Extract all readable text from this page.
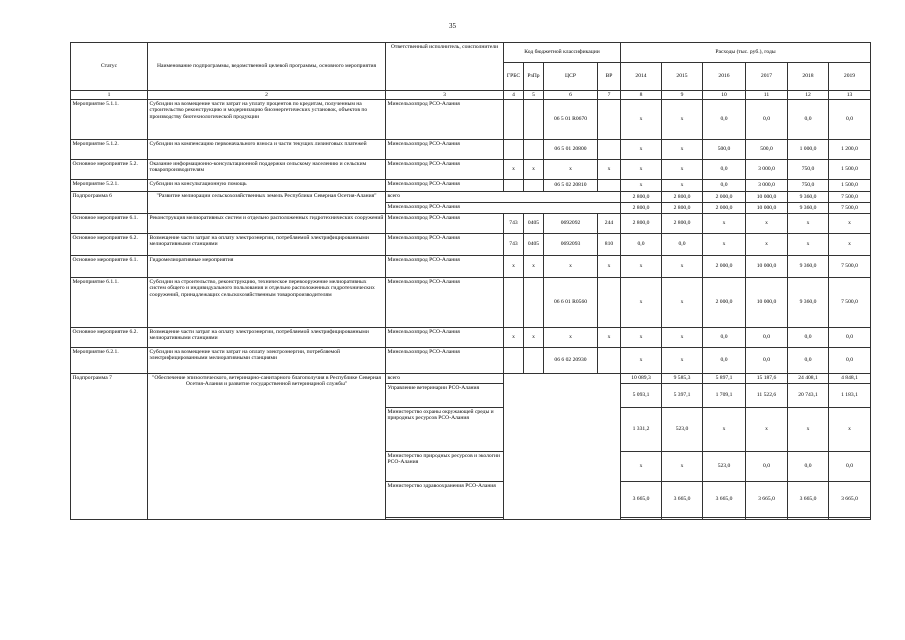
35
Статус	Наименование подпрограммы, ведомственной целевой программы, основного мероприятия	Ответственный исполнитель, соисполнители	Код бюджетной классификации				Расходы (тыс. руб.), годы					
			ГРБС	РзПр	ЦСР	ВР	2014	2015	2016	2017	2018	2019
1	2	3	4	5	6	7	8	9	10	11	12	13
Мероприятие 5.1.1.	Субсидии на возмещение части затрат на уплату процентов по кредитам, полученным на строительство реконструкцию и модернизацию биоэнергетических установок, объектов по производству биотехнологической продукции	Минсельхозпрод РСО-Алания			06 5 01 R0670		x	x	0,0	0,0	0,0	0,0
Мероприятие 5.1.2.	Субсидии на компенсацию первоначального взноса и части текущих лизинговых платежей	Минсельхозпрод РСО-Алания			06 5 01 20800		x	x	500,0	500,0	1 000,0	1 200,0
Основное мероприятие 5.2.	Оказание информационно-консультационной поддержки сельскому населению и сельским товаропроизводителям	Минсельхозпрод РСО-Алания	x	x	x	x	x	x	0,0	3 000,0	750,0	1 500,0
Мероприятие 5.2.1.	Субсидии на консультационную помощь	Минсельхозпрод РСО-Алания			06 5 02 20810		x	x	0,0	3 000,0	750,0	1 500,0
Подпрограмма 6	"Развитие мелиорации сельскохозяйственных земель Республики Северная Осетия-Алания"	всего					2 800,0	2 800,0	2 000,0	10 000,0	9 360,0	7 500,0
		Минсельхозпрод РСО-Алания					2 800,0	2 800,0	2 000,0	10 000,0	9 360,0	7 500,0
Основное мероприятие 6.1.	Реконструкция мелиоративных систем и отдельно расположенных гидротехнических сооружений	Минсельхозпрод РСО-Алания	743	0405	0692092	244	2 800,0	2 800,0	x	x	x	x
Основное мероприятие 6.2.	Возмещение части затрат на оплату электроэнергии, потребляемой электрифицированными мелиоративными станциями	Минсельхозпрод РСО-Алания	743	0405	0692093	810	0,0	0,0	x	x	x	x
Основное мероприятие 6.1.	Гидромелиоративные мероприятия	Минсельхозпрод РСО-Алания	x	x	x	x	x	x	2 000,0	10 000,0	9 360,0	7 500,0
Мероприятие 6.1.1.	Субсидии на строительство, реконструкцию, техническое перевооружение мелиоративных систем общего и индивидуального пользования и отдельно расположенных гидротехнических сооружений, принадлежащих сельскохозяйственным товаропроизводителям	Минсельхозпрод РСО-Алания			06 6 01 R0560		x	x	2 000,0	10 000,0	9 360,0	7 500,0
Основное мероприятие 6.2.	Возмещение части затрат на оплату электроэнергии, потребляемой электрифицированными мелиоративными станциями	Минсельхозпрод РСО-Алания	x	x	x	x	x	x	0,0	0,0	0,0	0,0
Мероприятие 6.2.1.	Субсидии на возмещение части затрат на оплату электроэнергии, потребляемой электрифицированными мелиоративными станциями	Минсельхозпрод РСО-Алания			06 6 02 20930		x	x	0,0	0,0	0,0	0,0
Подпрограмма 7	"Обеспечение эпизоотического, ветеринарно-санитарного благополучия в Республике Северная Осетия-Алания и развитие государственной ветеринарной службы"	всего					10 089,3	9 585,3	5 897,1	15 187,6	24 408,1	4 848,1
		Управление ветеринарии РСО-Алания					5 093,1	5 397,1	1 709,1	11 522,6	20 743,1	1 183,1
		Министерство охраны окружающей среды и природных ресурсов РСО-Алания					1 331,2	523,0	x	x	x	x
		Министерство природных ресурсов и экологии РСО-Алания					x	x	523,0	0,0	0,0	0,0
		Министерство здравоохранения РСО-Алания					3 665,0	3 665,0	3 665,0	3 665,0	3 665,0	3 665,0
